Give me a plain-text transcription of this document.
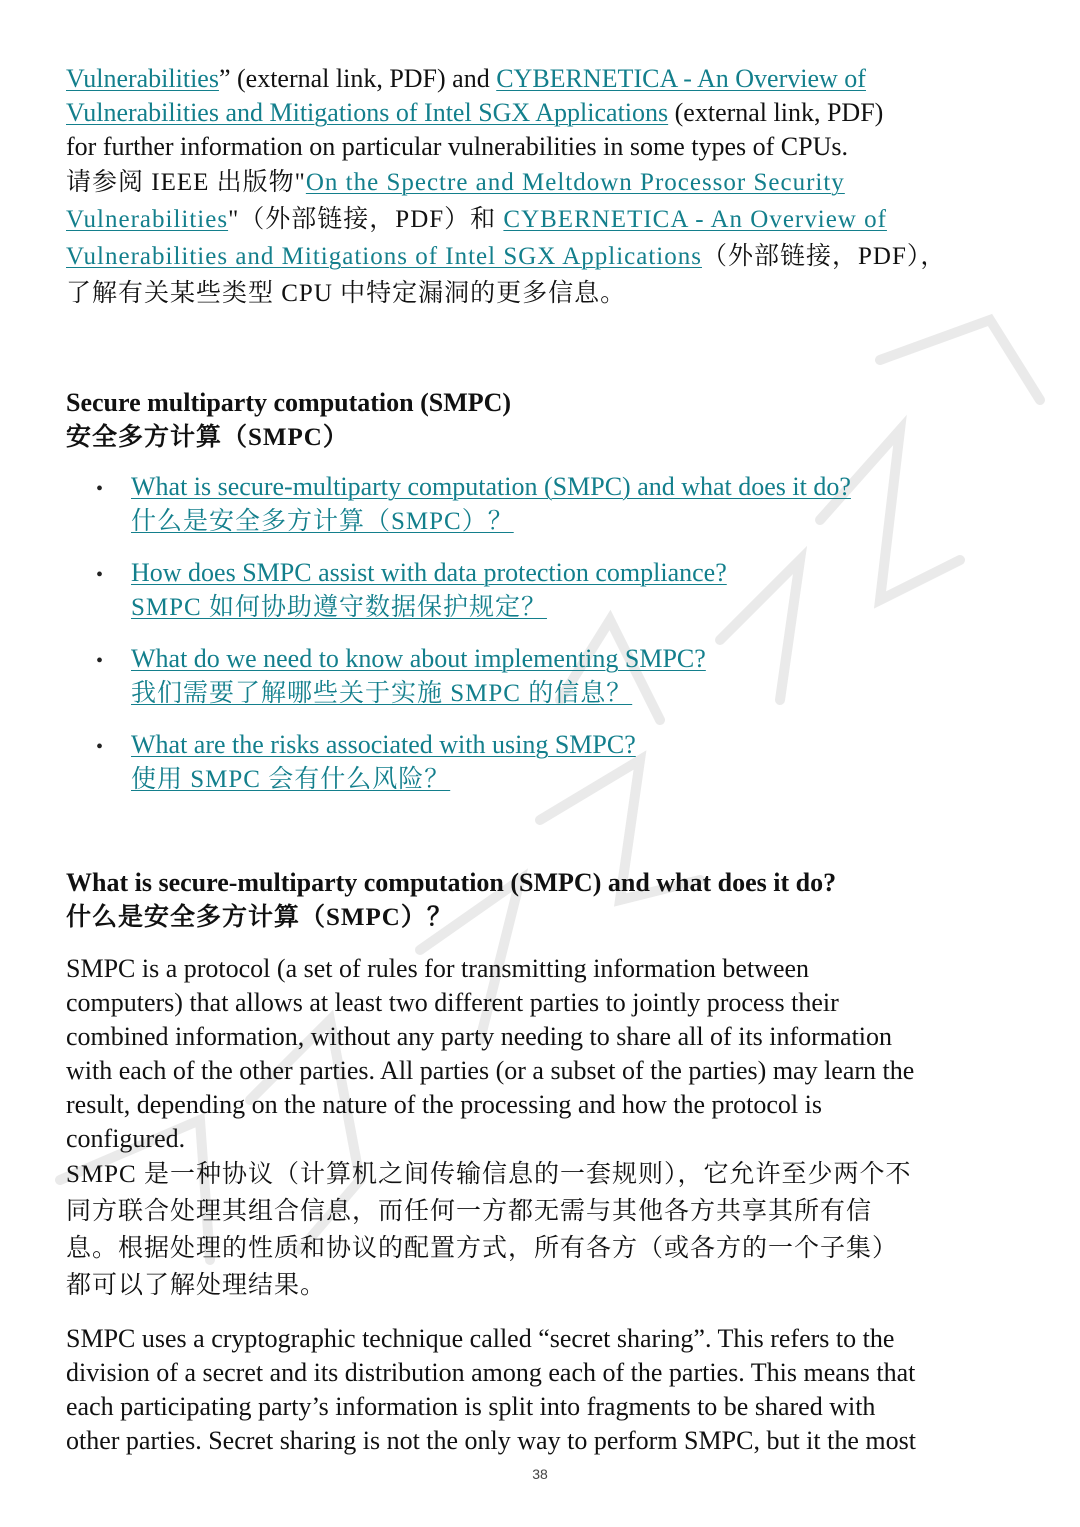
Vulnerabilities” (external link, PDF) and CYBERNETICA - An Overview of
Vulnerabilities and Mitigations of Intel SGX Applications (external link, PDF)
for further information on particular vulnerabilities in some types of CPUs.

请参阅 IEEE 出版物"On the Spectre and Meltdown Processor Security
Vulnerabilities"（外部链接，PDF）和 CYBERNETICA - An Overview of
Vulnerabilities and Mitigations of Intel SGX Applications（外部链接，PDF），
了解有关某些类型 CPU 中特定漏洞的更多信息。

Secure multiparty computation (SMPC)

安全多方计算（SMPC）

• What is secure-multiparty computation (SMPC) and what does it do?
什么是安全多方计算（SMPC）？
• How does SMPC assist with data protection compliance?
SMPC 如何协助遵守数据保护规定？
• What do we need to know about implementing SMPC?
我们需要了解哪些关于实施 SMPC 的信息？
• What are the risks associated with using SMPC?
使用 SMPC 会有什么风险？

What is secure-multiparty computation (SMPC) and what does it do?

什么是安全多方计算（SMPC）？

SMPC is a protocol (a set of rules for transmitting information between
computers) that allows at least two different parties to jointly process their
combined information, without any party needing to share all of its information
with each of the other parties. All parties (or a subset of the parties) may learn the
result, depending on the nature of the processing and how the protocol is
configured.
SMPC 是一种协议（计算机之间传输信息的一套规则），它允许至少两个不
同方联合处理其组合信息，而任何一方都无需与其他各方共享其所有信
息。根据处理的性质和协议的配置方式，所有各方（或各方的一个子集）
都可以了解处理结果。
SMPC uses a cryptographic technique called “secret sharing”. This refers to the
division of a secret and its distribution among each of the parties. This means that
each participating party’s information is split into fragments to be shared with
other parties. Secret sharing is not the only way to perform SMPC, but it the most
38
